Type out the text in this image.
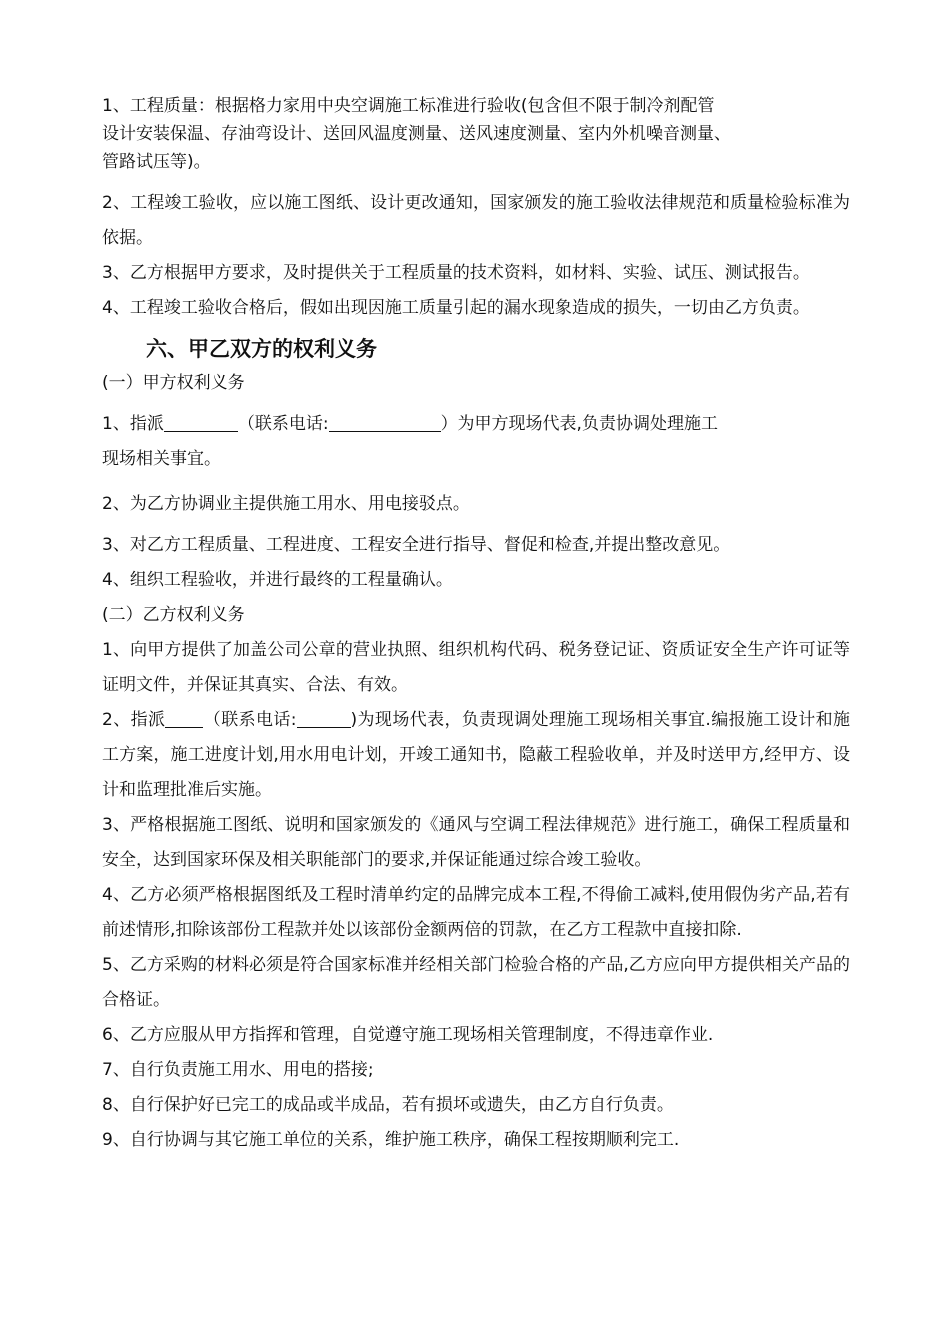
1、工程质量：根据格力家用中央空调施工标准进行验收(包含但不限于制冷剂配管
设计安装保温、存油弯设计、送回风温度测量、送风速度测量、室内外机噪音测量、
管路试压等)。

2、工程竣工验收，应以施工图纸、设计更改通知，国家颁发的施工验收法律规范和质量检验标准为依据。

3、乙方根据甲方要求，及时提供关于工程质量的技术资料，如材料、实验、试压、测试报告。

4、工程竣工验收合格后，假如出现因施工质量引起的漏水现象造成的损失，一切由乙方负责。

六、甲乙双方的权利义务

(一）甲方权利义务

1、指派	（联系电话:	）为甲方现场代表,负责协调处理施工
现场相关事宜。

2、为乙方协调业主提供施工用水、用电接驳点。

3、对乙方工程质量、工程进度、工程安全进行指导、督促和检查,并提出整改意见。

4、组织工程验收，并进行最终的工程量确认。

(二）乙方权利义务

1、向甲方提供了加盖公司公章的营业执照、组织机构代码、税务登记证、资质证安全生产许可证等证明文件，并保证其真实、合法、有效。

2、指派 （联系电话:	)为现场代表，负责现调处理施工现场相关事宜.编报施工设计和施工方案，施工进度计划,用水用电计划，开竣工通知书，隐蔽工程验收单，并及时送甲方,经甲方、设计和监理批准后实施。

3、严格根据施工图纸、说明和国家颁发的《通风与空调工程法律规范》进行施工，确保工程质量和安全，达到国家环保及相关职能部门的要求,并保证能通过综合竣工验收。

4、乙方必须严格根据图纸及工程时清单约定的品牌完成本工程,不得偷工减料,使用假伪劣产品,若有前述情形,扣除该部份工程款并处以该部份金额两倍的罚款，在乙方工程款中直接扣除.

5、乙方采购的材料必须是符合国家标准并经相关部门检验合格的产品,乙方应向甲方提供相关产品的合格证。

6、乙方应服从甲方指挥和管理，自觉遵守施工现场相关管理制度，不得违章作业.

7、自行负责施工用水、用电的搭接;

8、自行保护好已完工的成品或半成品，若有损坏或遗失，由乙方自行负责。

9、自行协调与其它施工单位的关系，维护施工秩序，确保工程按期顺利完工.
